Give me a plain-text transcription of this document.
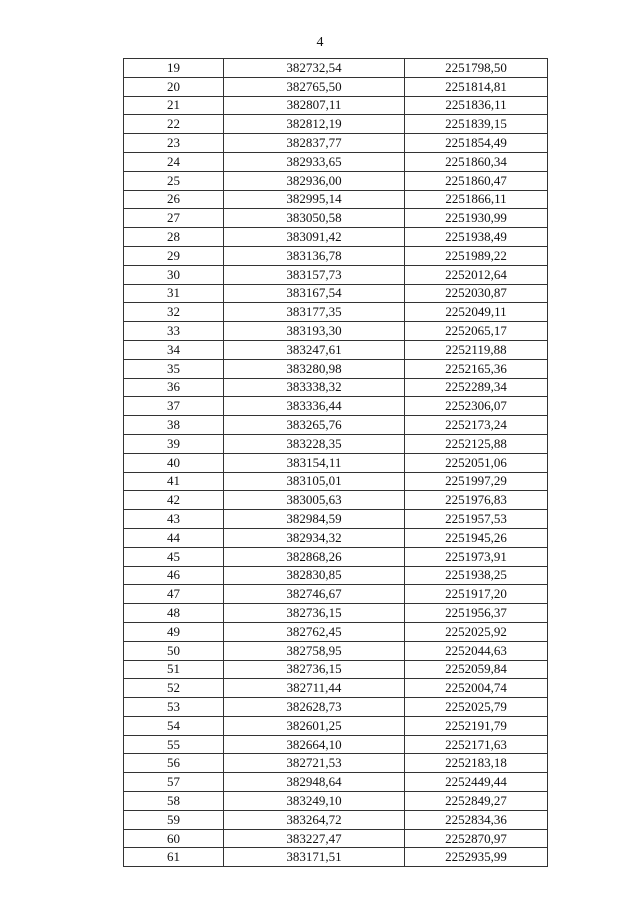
4
19	382732,54	2251798,50
20	382765,50	2251814,81
21	382807,11	2251836,11
22	382812,19	2251839,15
23	382837,77	2251854,49
24	382933,65	2251860,34
25	382936,00	2251860,47
26	382995,14	2251866,11
27	383050,58	2251930,99
28	383091,42	2251938,49
29	383136,78	2251989,22
30	383157,73	2252012,64
31	383167,54	2252030,87
32	383177,35	2252049,11
33	383193,30	2252065,17
34	383247,61	2252119,88
35	383280,98	2252165,36
36	383338,32	2252289,34
37	383336,44	2252306,07
38	383265,76	2252173,24
39	383228,35	2252125,88
40	383154,11	2252051,06
41	383105,01	2251997,29
42	383005,63	2251976,83
43	382984,59	2251957,53
44	382934,32	2251945,26
45	382868,26	2251973,91
46	382830,85	2251938,25
47	382746,67	2251917,20
48	382736,15	2251956,37
49	382762,45	2252025,92
50	382758,95	2252044,63
51	382736,15	2252059,84
52	382711,44	2252004,74
53	382628,73	2252025,79
54	382601,25	2252191,79
55	382664,10	2252171,63
56	382721,53	2252183,18
57	382948,64	2252449,44
58	383249,10	2252849,27
59	383264,72	2252834,36
60	383227,47	2252870,97
61	383171,51	2252935,99
